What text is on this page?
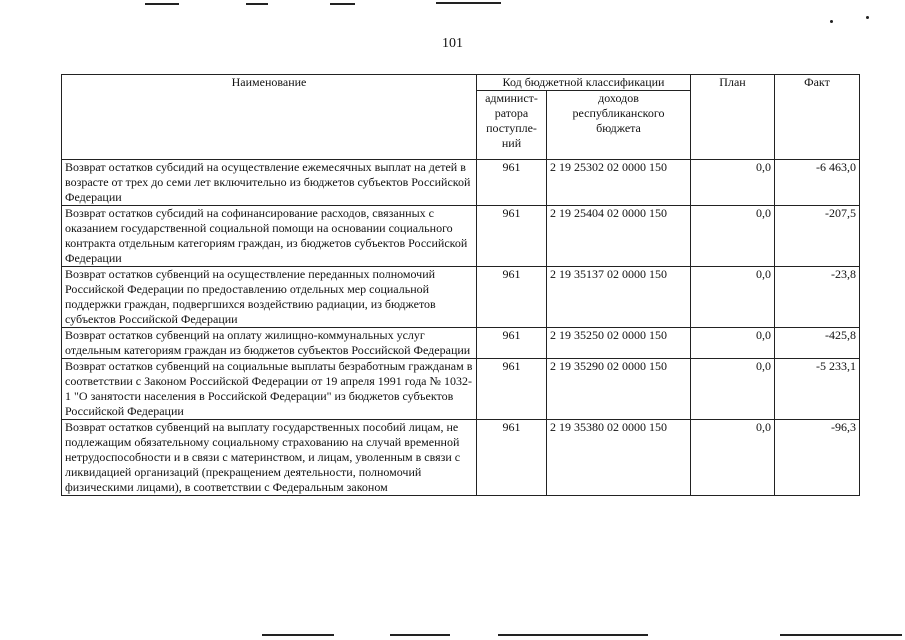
101
Наименование	Код бюджетной классификации		План	Факт
	админист-ратора поступле-ний	доходов республиканского бюджета		
Возврат остатков субсидий на осуществление ежемесячных выплат на детей в возрасте от трех до семи лет включительно из бюджетов субъектов Российской Федерации	961	2 19 25302 02 0000 150	0,0	-6 463,0
Возврат остатков субсидий на софинансирование расходов, связанных с оказанием государственной социальной помощи на основании социального контракта отдельным категориям граждан, из бюджетов субъектов Российской Федерации	961	2 19 25404 02 0000 150	0,0	-207,5
Возврат остатков субвенций на осуществление переданных полномочий Российской Федерации по предоставлению отдельных мер социальной поддержки граждан, подвергшихся воздействию радиации, из бюджетов субъектов Российской Федерации	961	2 19 35137 02 0000 150	0,0	-23,8
Возврат остатков субвенций на оплату жилищно-коммунальных услуг отдельным категориям граждан из бюджетов субъектов Российской Федерации	961	2 19 35250 02 0000 150	0,0	-425,8
Возврат остатков субвенций на социальные выплаты безработным гражданам в соответствии с Законом Российской Федерации от 19 апреля 1991 года № 1032-1 "О занятости населения в Российской Федерации" из бюджетов субъектов Российской Федерации	961	2 19 35290 02 0000 150	0,0	-5 233,1
Возврат остатков субвенций на выплату государственных пособий лицам, не подлежащим обязательному социальному страхованию на случай временной нетрудоспособности и в связи с материнством, и лицам, уволенным в связи с ликвидацией организаций (прекращением деятельности, полномочий физическими лицами), в соответствии с Федеральным законом	961	2 19 35380 02 0000 150	0,0	-96,3
